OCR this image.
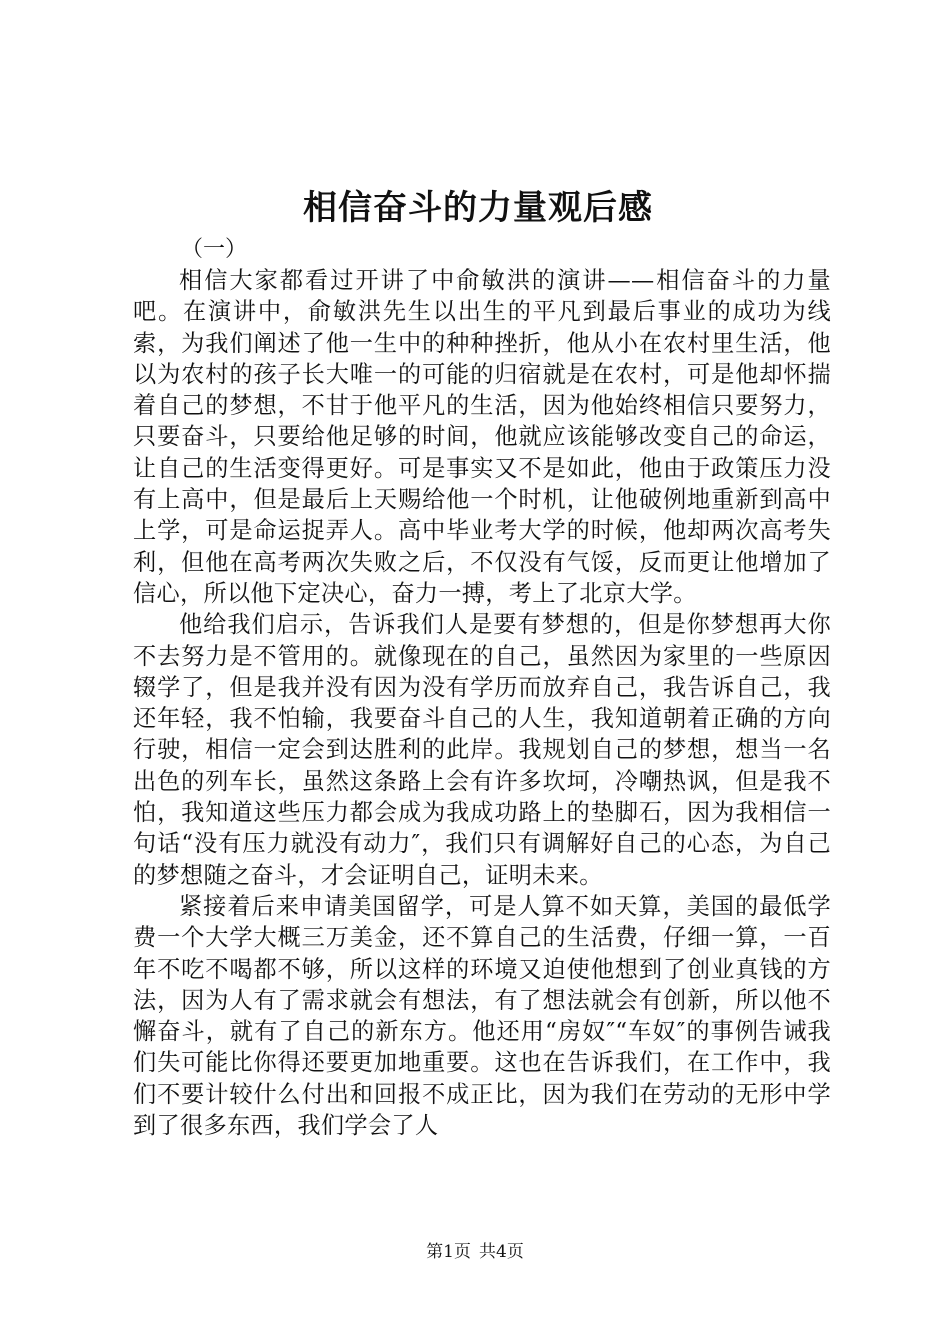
相信奋斗的力量观后感

（一）

相信大家都看过开讲了中俞敏洪的演讲——相信奋斗的力量吧。在演讲中，俞敏洪先生以出生的平凡到最后事业的成功为线索，为我们阐述了他一生中的种种挫折，他从小在农村里生活，他以为农村的孩子长大唯一的可能的归宿就是在农村，可是他却怀揣着自己的梦想，不甘于他平凡的生活，因为他始终相信只要努力，只要奋斗，只要给他足够的时间，他就应该能够改变自己的命运，让自己的生活变得更好。可是事实又不是如此，他由于政策压力没有上高中，但是最后上天赐给他一个时机，让他破例地重新到高中上学，可是命运捉弄人。高中毕业考大学的时候，他却两次高考失利，但他在高考两次失败之后，不仅没有气馁，反而更让他增加了信心，所以他下定决心，奋力一搏，考上了北京大学。

他给我们启示，告诉我们人是要有梦想的，但是你梦想再大你不去努力是不管用的。就像现在的自己，虽然因为家里的一些原因辍学了，但是我并没有因为没有学历而放弃自己，我告诉自己，我还年轻，我不怕输，我要奋斗自己的人生，我知道朝着正确的方向行驶，相信一定会到达胜利的此岸。我规划自己的梦想，想当一名出色的列车长，虽然这条路上会有许多坎坷，冷嘲热讽，但是我不怕，我知道这些压力都会成为我成功路上的垫脚石，因为我相信一句话“没有压力就没有动力″，我们只有调解好自己的心态，为自己的梦想随之奋斗，才会证明自己，证明未来。

紧接着后来申请美国留学，可是人算不如天算，美国的最低学费一个大学大概三万美金，还不算自己的生活费，仔细一算，一百年不吃不喝都不够，所以这样的环境又迫使他想到了创业真钱的方法，因为人有了需求就会有想法，有了想法就会有创新，所以他不懈奋斗，就有了自己的新东方。他还用“房奴″“车奴″的事例告诫我们失可能比你得还要更加地重要。这也在告诉我们，在工作中，我们不要计较什么付出和回报不成正比，因为我们在劳动的无形中学到了很多东西，我们学会了人

第1页 共4页
